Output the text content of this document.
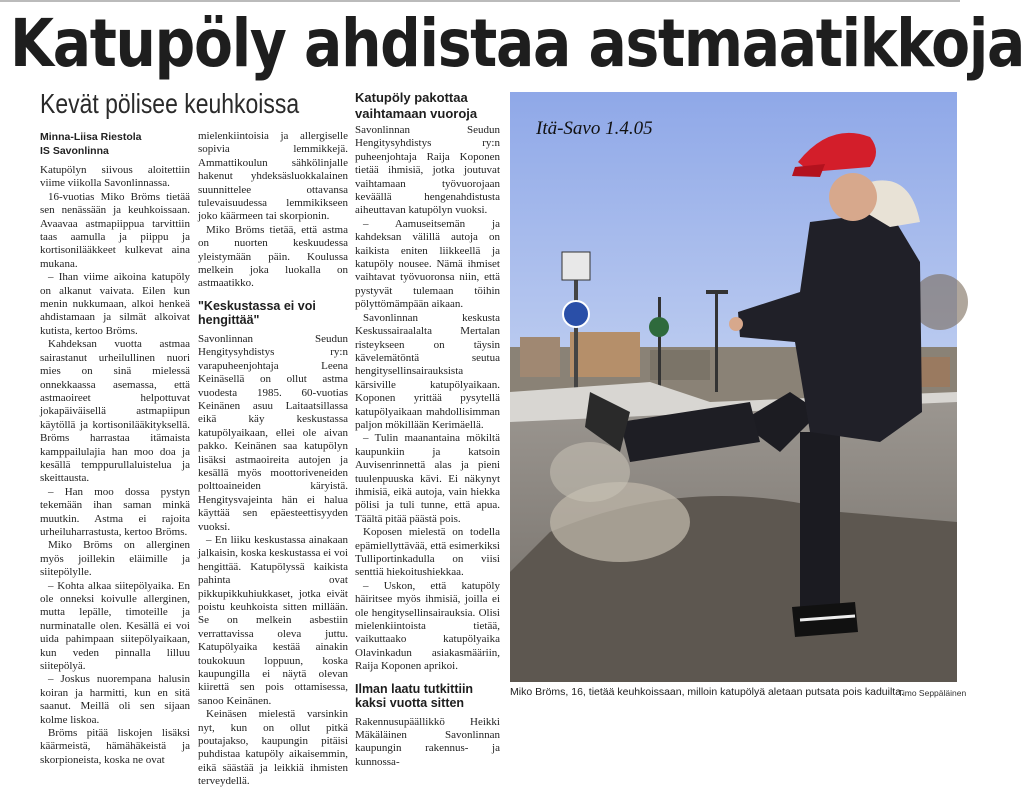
Katupöly ahdistaa astmaatikkoja
Kevät pölisee keuhkoissa
Minna-Liisa Riestola
IS Savonlinna

Katupölyn siivous aloitettiin viime viikolla Savonlinnassa.

16-vuotias Miko Bröms tietää sen nenässään ja keuhkoissaan. Avaavaa astmapiippua tarvittiin taas aamulla ja piippu ja kortisonilääkkeet kulkevat aina mukana.

– Ihan viime aikoina katupöly on alkanut vaivata. Eilen kun menin nukkumaan, alkoi henkeä ahdistamaan ja silmät alkoivat kutista, kertoo Bröms.

Kahdeksan vuotta astmaa sairastanut urheilullinen nuori mies on sinä mielessä onnekkaassa asemassa, että astmaoireet helpottuvat jokapäiväisellä astmapiipun käytöllä ja kortisonilääkityksellä. Bröms harrastaa itämaista kamppailulajia han moo doa ja kesällä temppurullaluistelua ja skeittausta.

– Han moo dossa pystyn tekemään ihan saman minkä muutkin. Astma ei rajoita urheiluharrastusta, kertoo Bröms.

Miko Bröms on allerginen myös joillekin eläimille ja siitepölylle.

– Kohta alkaa siitepölyaika. En ole onneksi koivulle allerginen, mutta lepälle, timoteille ja nurminatalle olen. Kesällä ei voi uida pahimpaan siitepölyaikaan, kun veden pinnalla lilluu siitepölyä.

– Joskus nuorempana halusin koiran ja harmitti, kun en sitä saanut. Meillä oli sen sijaan kolme liskoa.

Bröms pitää liskojen lisäksi käärmeistä, hämähäkeistä ja skorpioneista, koska ne ovat

mielenkiintoisia ja allergiselle sopivia lemmikkejä. Ammattikoulun sähkölinjalle hakenut yhdeksäsluokkalainen suunnittelee ottavansa tulevaisuudessa lemmikikseen joko käärmeen tai skorpionin.

Miko Bröms tietää, että astma on nuorten keskuudessa yleistymään päin. Koulussa melkein joka luokalla on astmaatikko.

"Keskustassa ei voi hengittää"

Savonlinnan Seudun Hengitysyhdistys ry:n varapuheenjohtaja Leena Keinäsellä on ollut astma vuodesta 1985. 60-vuotias Keinänen asuu Laitaatsillassa eikä käy keskustassa katupölyaikaan, ellei ole aivan pakko. Keinänen saa katupölyn lisäksi astmaoireita autojen ja kesällä myös moottoriveneiden polttoaineiden käryistä. Hengitysvajeinta hän ei halua käyttää sen epäesteettisyyden vuoksi.

– En liiku keskustassa ainakaan jalkaisin, koska keskustassa ei voi hengittää. Katupölyssä kaikista pahinta ovat pikkupikkuhiukkaset, jotka eivät poistu keuhkoista sitten millään. Se on melkein asbestiin verrattavissa oleva juttu. Katupölyaika kestää ainakin toukokuun loppuun, koska kaupungilla ei näytä olevan kiirettä sen pois ottamisessa, sanoo Keinänen.

Keinäsen mielestä varsinkin nyt, kun on ollut pitkä poutajakso, kaupungin pitäisi puhdistaa katupöly aikaisemmin, eikä säästää ja leikkiä ihmisten terveydellä.

Katupöly pakottaa vaihtamaan vuoroja

Savonlinnan Seudun Hengitysyhdistys ry:n puheenjohtaja Raija Koponen tietää ihmisiä, jotka joutuvat vaihtamaan työvuorojaan keväällä hengenahdistusta aiheuttavan katupölyn vuoksi.

– Aamuseitsemän ja kahdeksan välillä autoja on kaikista eniten liikkeellä ja katupöly nousee. Nämä ihmiset vaihtavat työvuoronsa niin, että pystyvät tulemaan töihin pölyttömämpään aikaan.

Savonlinnan keskusta Keskussairaalalta Mertalan risteykseen on täysin kävelemätöntä seutua hengitysellinsairauksista kärsiville katupölyaikaan. Koponen yrittää pysytellä katupölyaikaan mahdollisimman paljon mökillään Kerimäellä.

– Tulin maanantaina mökiltä kaupunkiin ja katsoin Auvisenrinnettä alas ja pieni tuulenpuuska kävi. Ei näkynyt ihmisiä, eikä autoja, vain hiekka pölisi ja tuli tunne, että apua. Täältä pitää päästä pois.

Koposen mielestä on todella epämiellyttävää, että esimerkiksi Tulliportinkadulla on viisi senttiä hiekoitushiekkaa.

– Uskon, että katupöly häiritsee myös ihmisiä, joilla ei ole hengitysellinsairauksia. Olisi mielenkiintoista tietää, vaikuttaako katupölyaika Olavinkadun asiakasmääriin, Raija Koponen aprikoi.

Ilman laatu tutkittiin kaksi vuotta sitten

Rakennusupäällikkö Heikki Mäkäläinen Savonlinnan kaupungin rakennus- ja kunnossa-

Itä-Savo 1.4.05
Miko Bröms, 16, tietää keuhkoissaan, milloin katupölyä aletaan putsata pois kaduilta.
Timo Seppäläinen
